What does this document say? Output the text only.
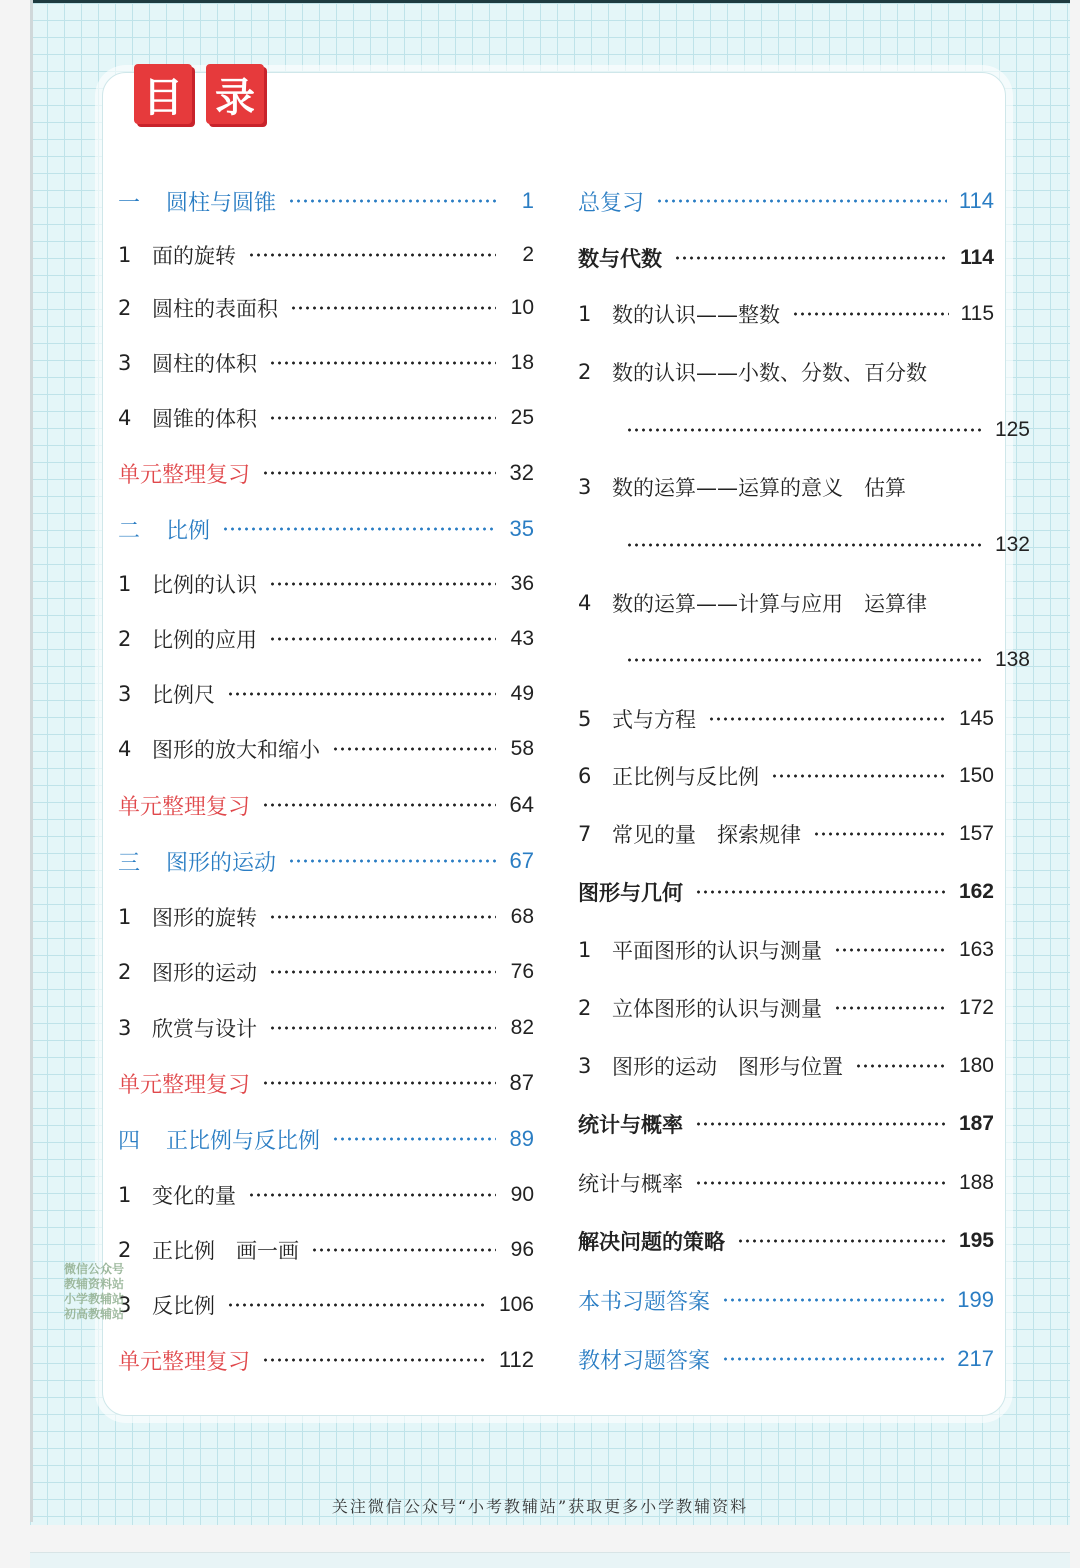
目 录
一	圆柱与圆锥	1
1 面的旋转	2
2 圆柱的表面积	10
3 圆柱的体积	18
4 圆锥的体积	25
单元整理复习	32
二	比例	35
1 比例的认识	36
2 比例的应用	43
3 比例尺	49
4 图形的放大和缩小	58
单元整理复习	64
三	图形的运动	67
1 图形的旋转	68
2 图形的运动	76
3 欣赏与设计	82
单元整理复习	87
四	正比例与反比例	89
1 变化的量	90
2 正比例　画一画	96
3 反比例	106
单元整理复习	112
总复习	114
数与代数	114
1 数的认识——整数	115
2 数的认识——小数、分数、百分数
125
3 数的运算——运算的意义　估算
132
4 数的运算——计算与应用　运算律
138
5 式与方程	145
6 正比例与反比例	150
7 常见的量　探索规律	157
图形与几何	162
1 平面图形的认识与测量	163
2 立体图形的认识与测量	172
3 图形的运动　图形与位置	180
统计与概率	187
统计与概率	188
解决问题的策略	195
本书习题答案	199
教材习题答案	217
微信公众号
教辅资料站
小学教辅站
初高教辅站
关注微信公众号“小考教辅站”获取更多小学教辅资料
